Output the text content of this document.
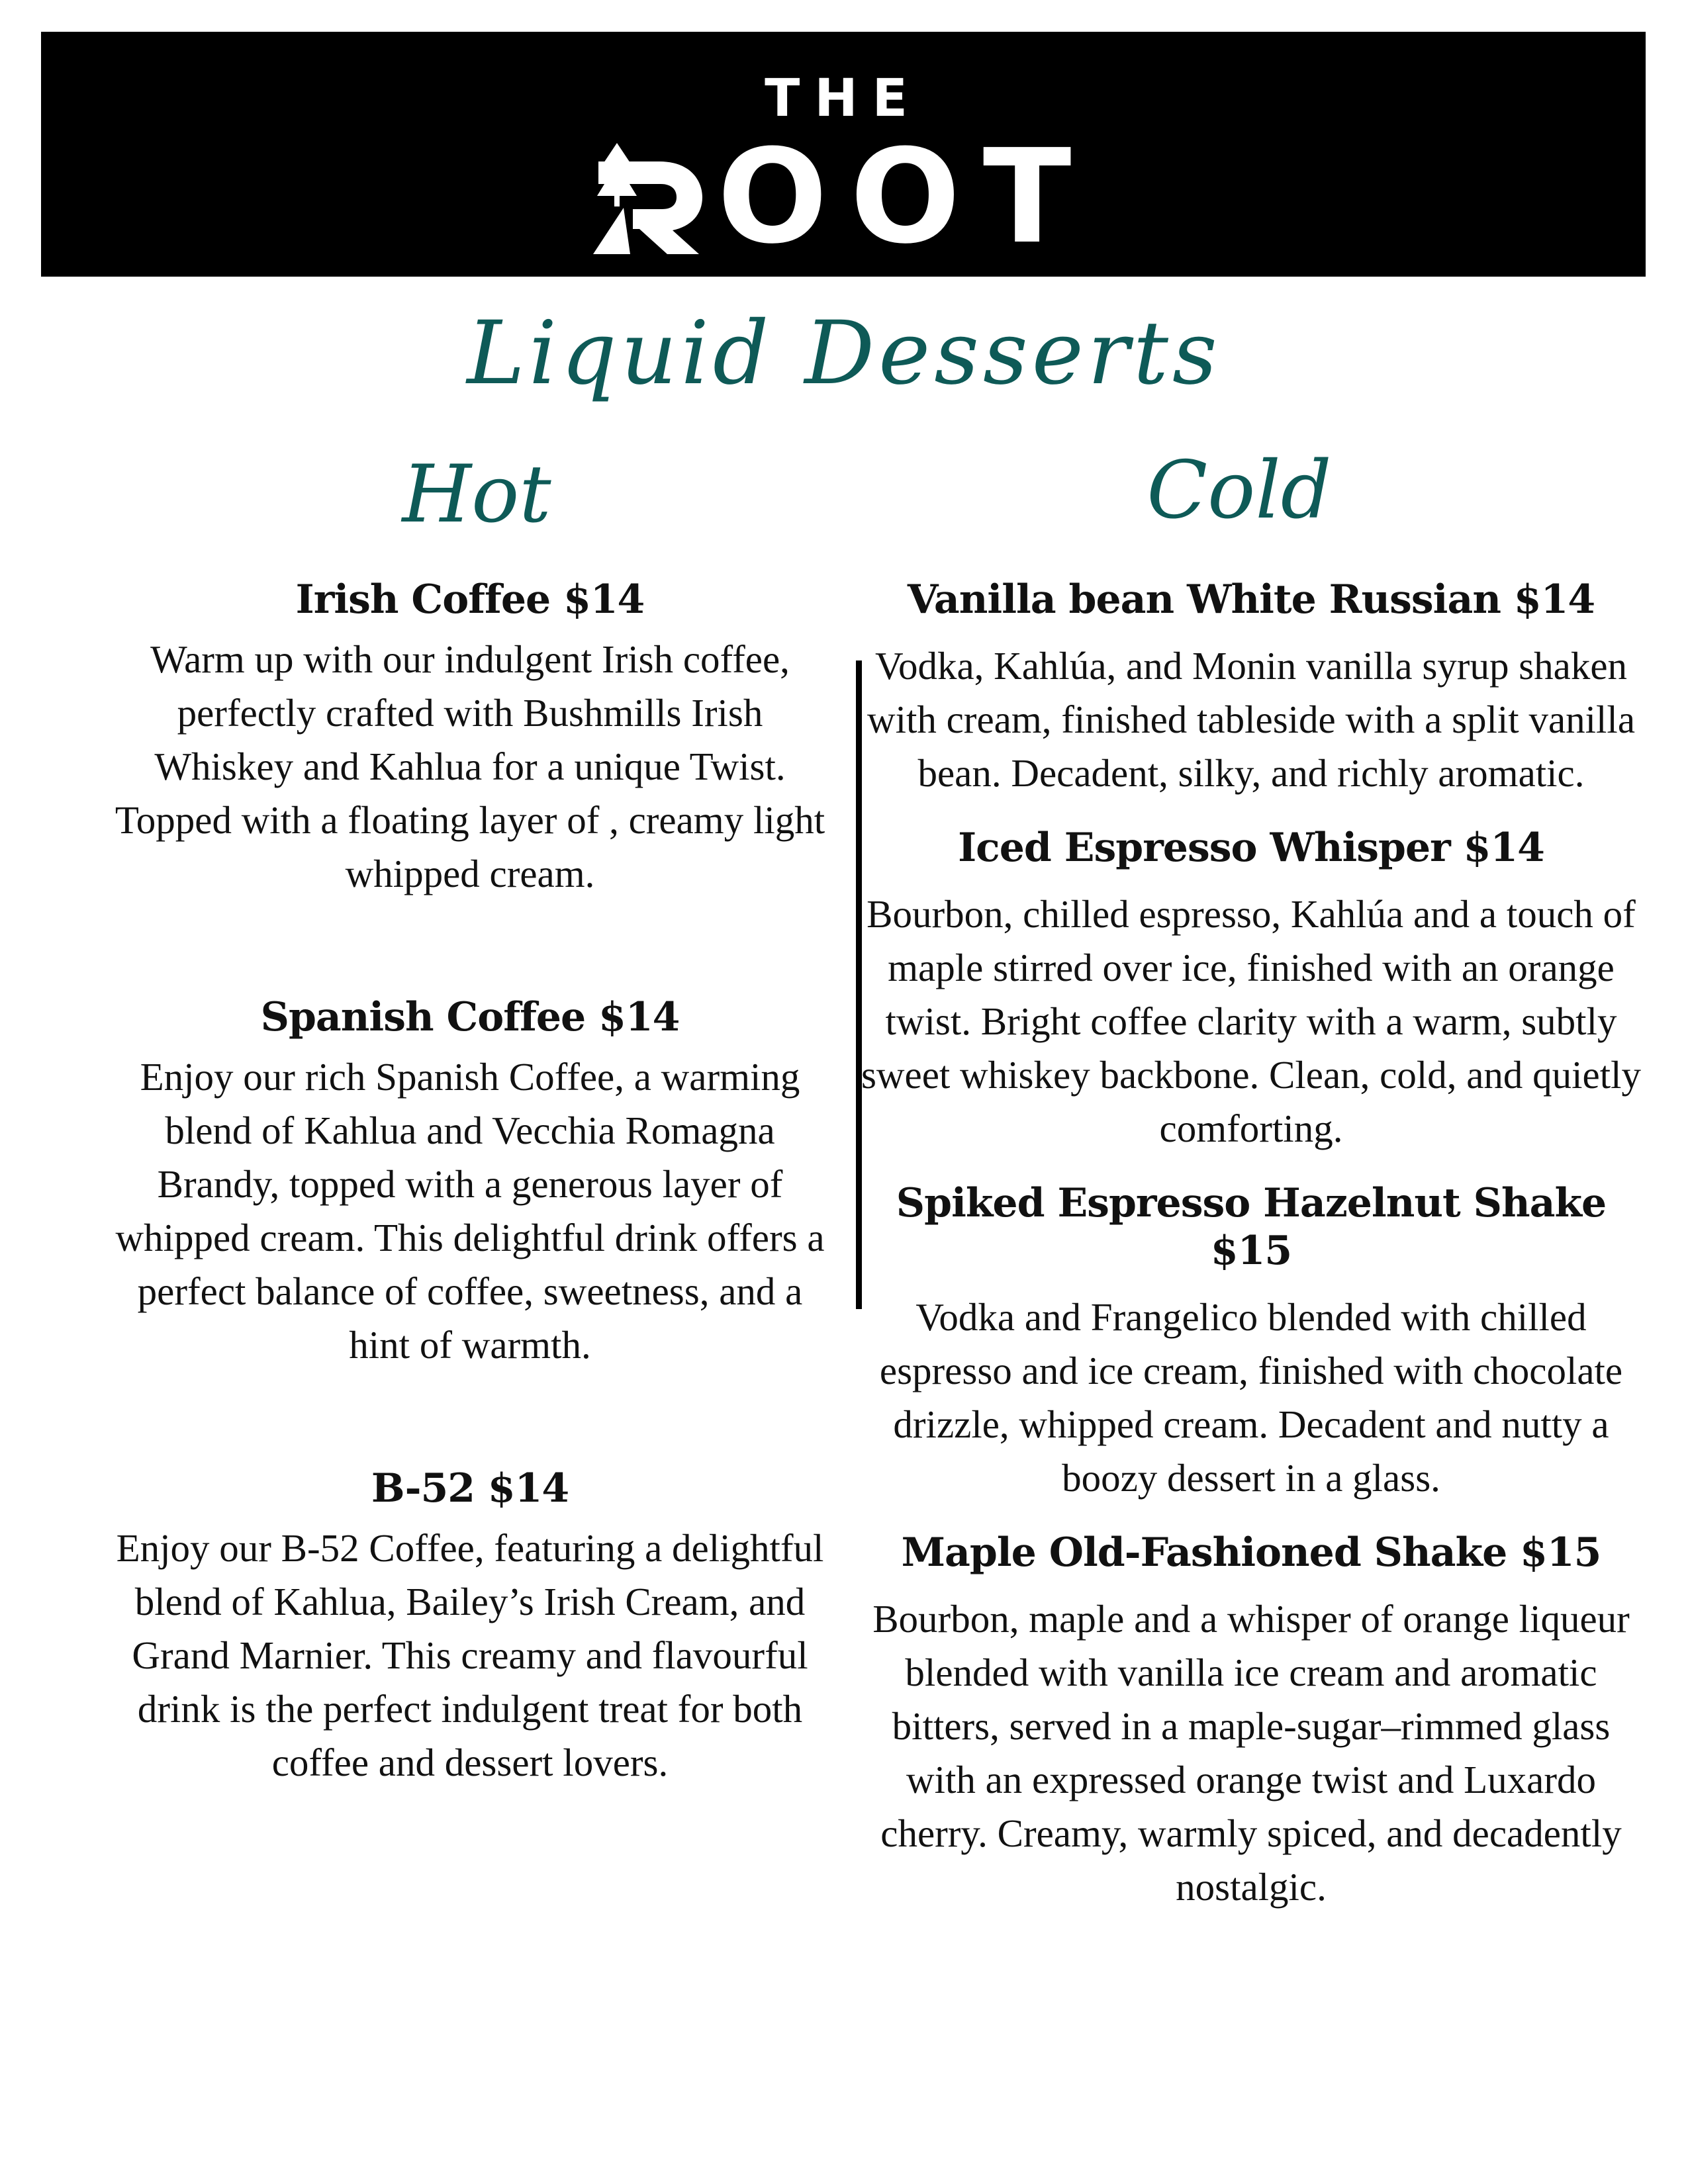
THE
OOT
Liquid Desserts
Hot	Cold

Irish Coffee $14

Warm up with our indulgent Irish coffee, perfectly crafted with Bushmills Irish Whiskey and Kahlua for a unique Twist. Topped with a floating layer of , creamy light whipped cream.

Spanish Coffee $14

Enjoy our rich Spanish Coffee, a warming blend of Kahlua and Vecchia Romagna Brandy, topped with a generous layer of whipped cream. This delightful drink offers a perfect balance of coffee, sweetness, and a hint of warmth.

B-52 $14

Enjoy our B-52 Coffee, featuring a delightful blend of Kahlua, Bailey’s Irish Cream, and Grand Marnier. This creamy and flavourful drink is the perfect indulgent treat for both coffee and dessert lovers.

Vanilla bean White Russian $14

Vodka, Kahlúa, and Monin vanilla syrup shaken with cream, finished tableside with a split vanilla bean. Decadent, silky, and richly aromatic.

Iced Espresso Whisper $14

Bourbon, chilled espresso, Kahlúa and a touch of maple stirred over ice, finished with an orange twist. Bright coffee clarity with a warm, subtly sweet whiskey backbone. Clean, cold, and quietly comforting.

Spiked Espresso Hazelnut Shake $15

Vodka and Frangelico blended with chilled espresso and ice cream, finished with chocolate drizzle, whipped cream. Decadent and nutty a boozy dessert in a glass.

Maple Old-Fashioned Shake $15

Bourbon, maple and a whisper of orange liqueur blended with vanilla ice cream and aromatic bitters, served in a maple-sugar–rimmed glass with an expressed orange twist and Luxardo cherry. Creamy, warmly spiced, and decadently nostalgic.
